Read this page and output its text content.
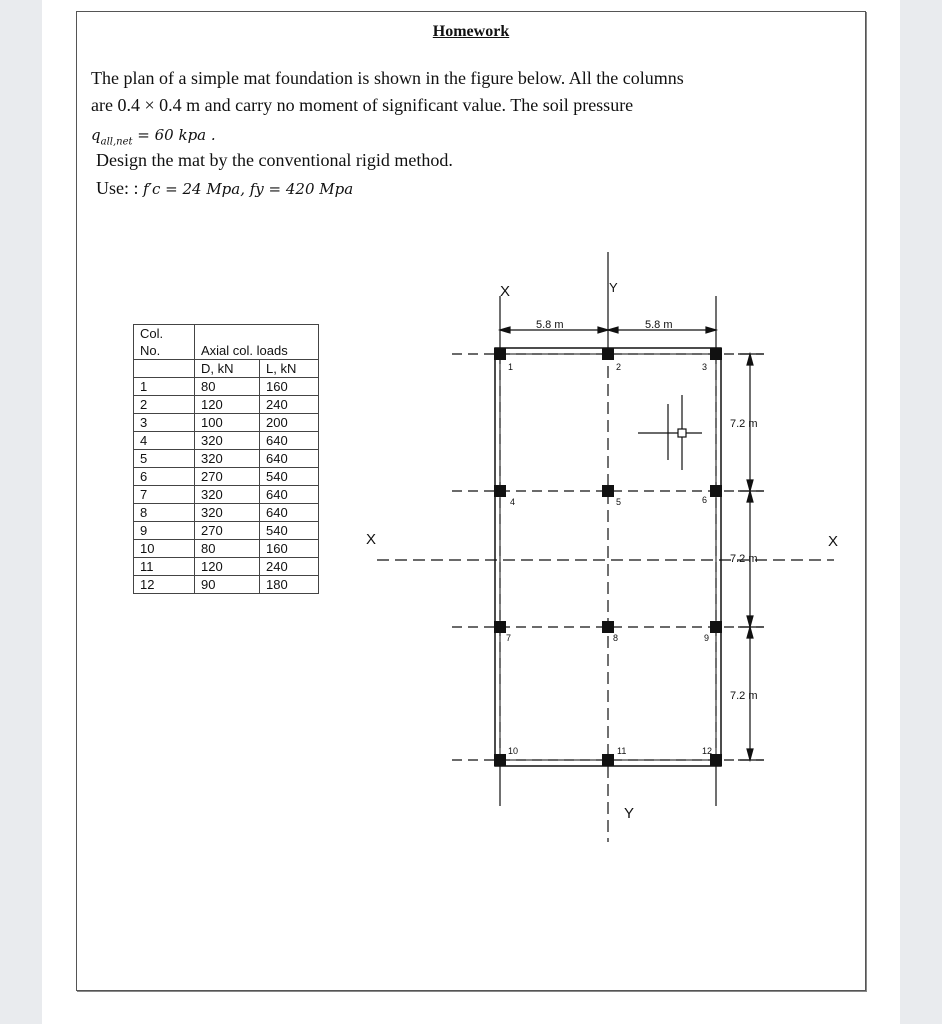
Homework
The plan of a simple mat foundation is shown in the figure below. All the columns
are 0.4 × 0.4 m and carry no moment of significant value. The soil pressure
$q_{all,net} = 60$ kpa .
Design the mat by the conventional rigid method.
Use: : f′c = 24 Mpa, fy = 420 Mpa
Col.		
No.	Axial col. loads	
	D, kN	L, kN
1	80	160
2	120	240
3	100	200
4	320	640
5	320	640
6	270	540
7	320	640
8	320	640
9	270	540
10	80	160
11	120	240
12	90	180
1	2	3
4	5	6
7	8	9
10	11	12
5.8 m	5.8 m
7.2 m
7.2 m
7.2 m
X	Y
X	X
Y
